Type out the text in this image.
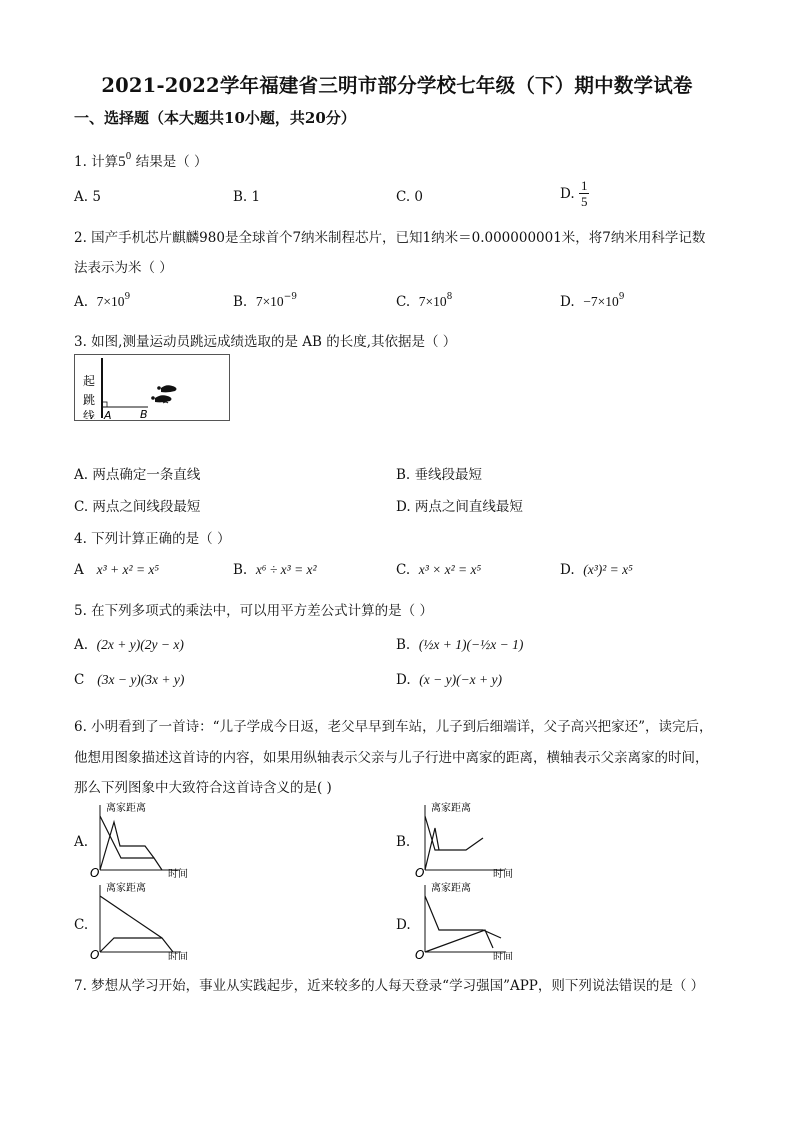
2021-2022学年福建省三明市部分学校七年级（下）期中数学试卷
一、选择题（本大题共10小题，共20分）
1. 计算$5^0$ 结果是（ ）
A. 5	B. 1	C. 0	D. $\frac{1}{5}$
2. 国产手机芯片麒麟980是全球首个7纳米制程芯片，已知1纳米＝0.000000001米，将7纳米用科学记数
法表示为米（ ）
A. $7\times 10^9$	B. $7\times 10^{-9}$	C. $7\times 10^8$	D. $-7\times 10^9$
3. 如图,测量运动员跳远成绩选取的是 AB 的长度,其依据是（ ）
起
跳
线 A	B
A. 两点确定一条直线	B. 垂线段最短
C. 两点之间线段最短	D. 两点之间直线最短
4. 下列计算正确的是（ ）
A x³ + x² = x⁵	B. x⁶ ÷ x³ = x²	C. x³ × x² = x⁵	D. (x³)² = x⁵
5. 在下列多项式的乘法中，可以用平方差公式计算的是（ ）
A. (2x + y)(2y − x)	B. (½x + 1)(−½x − 1)
C (3x − y)(3x + y)	D. (x − y)(−x + y)
6. 小明看到了一首诗：“儿子学成今日返，老父早早到车站，儿子到后细端详，父子高兴把家还”，读完后，
他想用图象描述这首诗的内容，如果用纵轴表示父亲与儿子行进中离家的距离，横轴表示父亲离家的时间，
那么下列图象中大致符合这首诗含义的是( )
A.
离家距离
O	时间
B.
离家距离
O	时间
C.
离家距离
O	时间
D.
离家距离
O	时间
7. 梦想从学习开始，事业从实践起步，近来较多的人每天登录“学习强国”APP，则下列说法错误的是（ ）
